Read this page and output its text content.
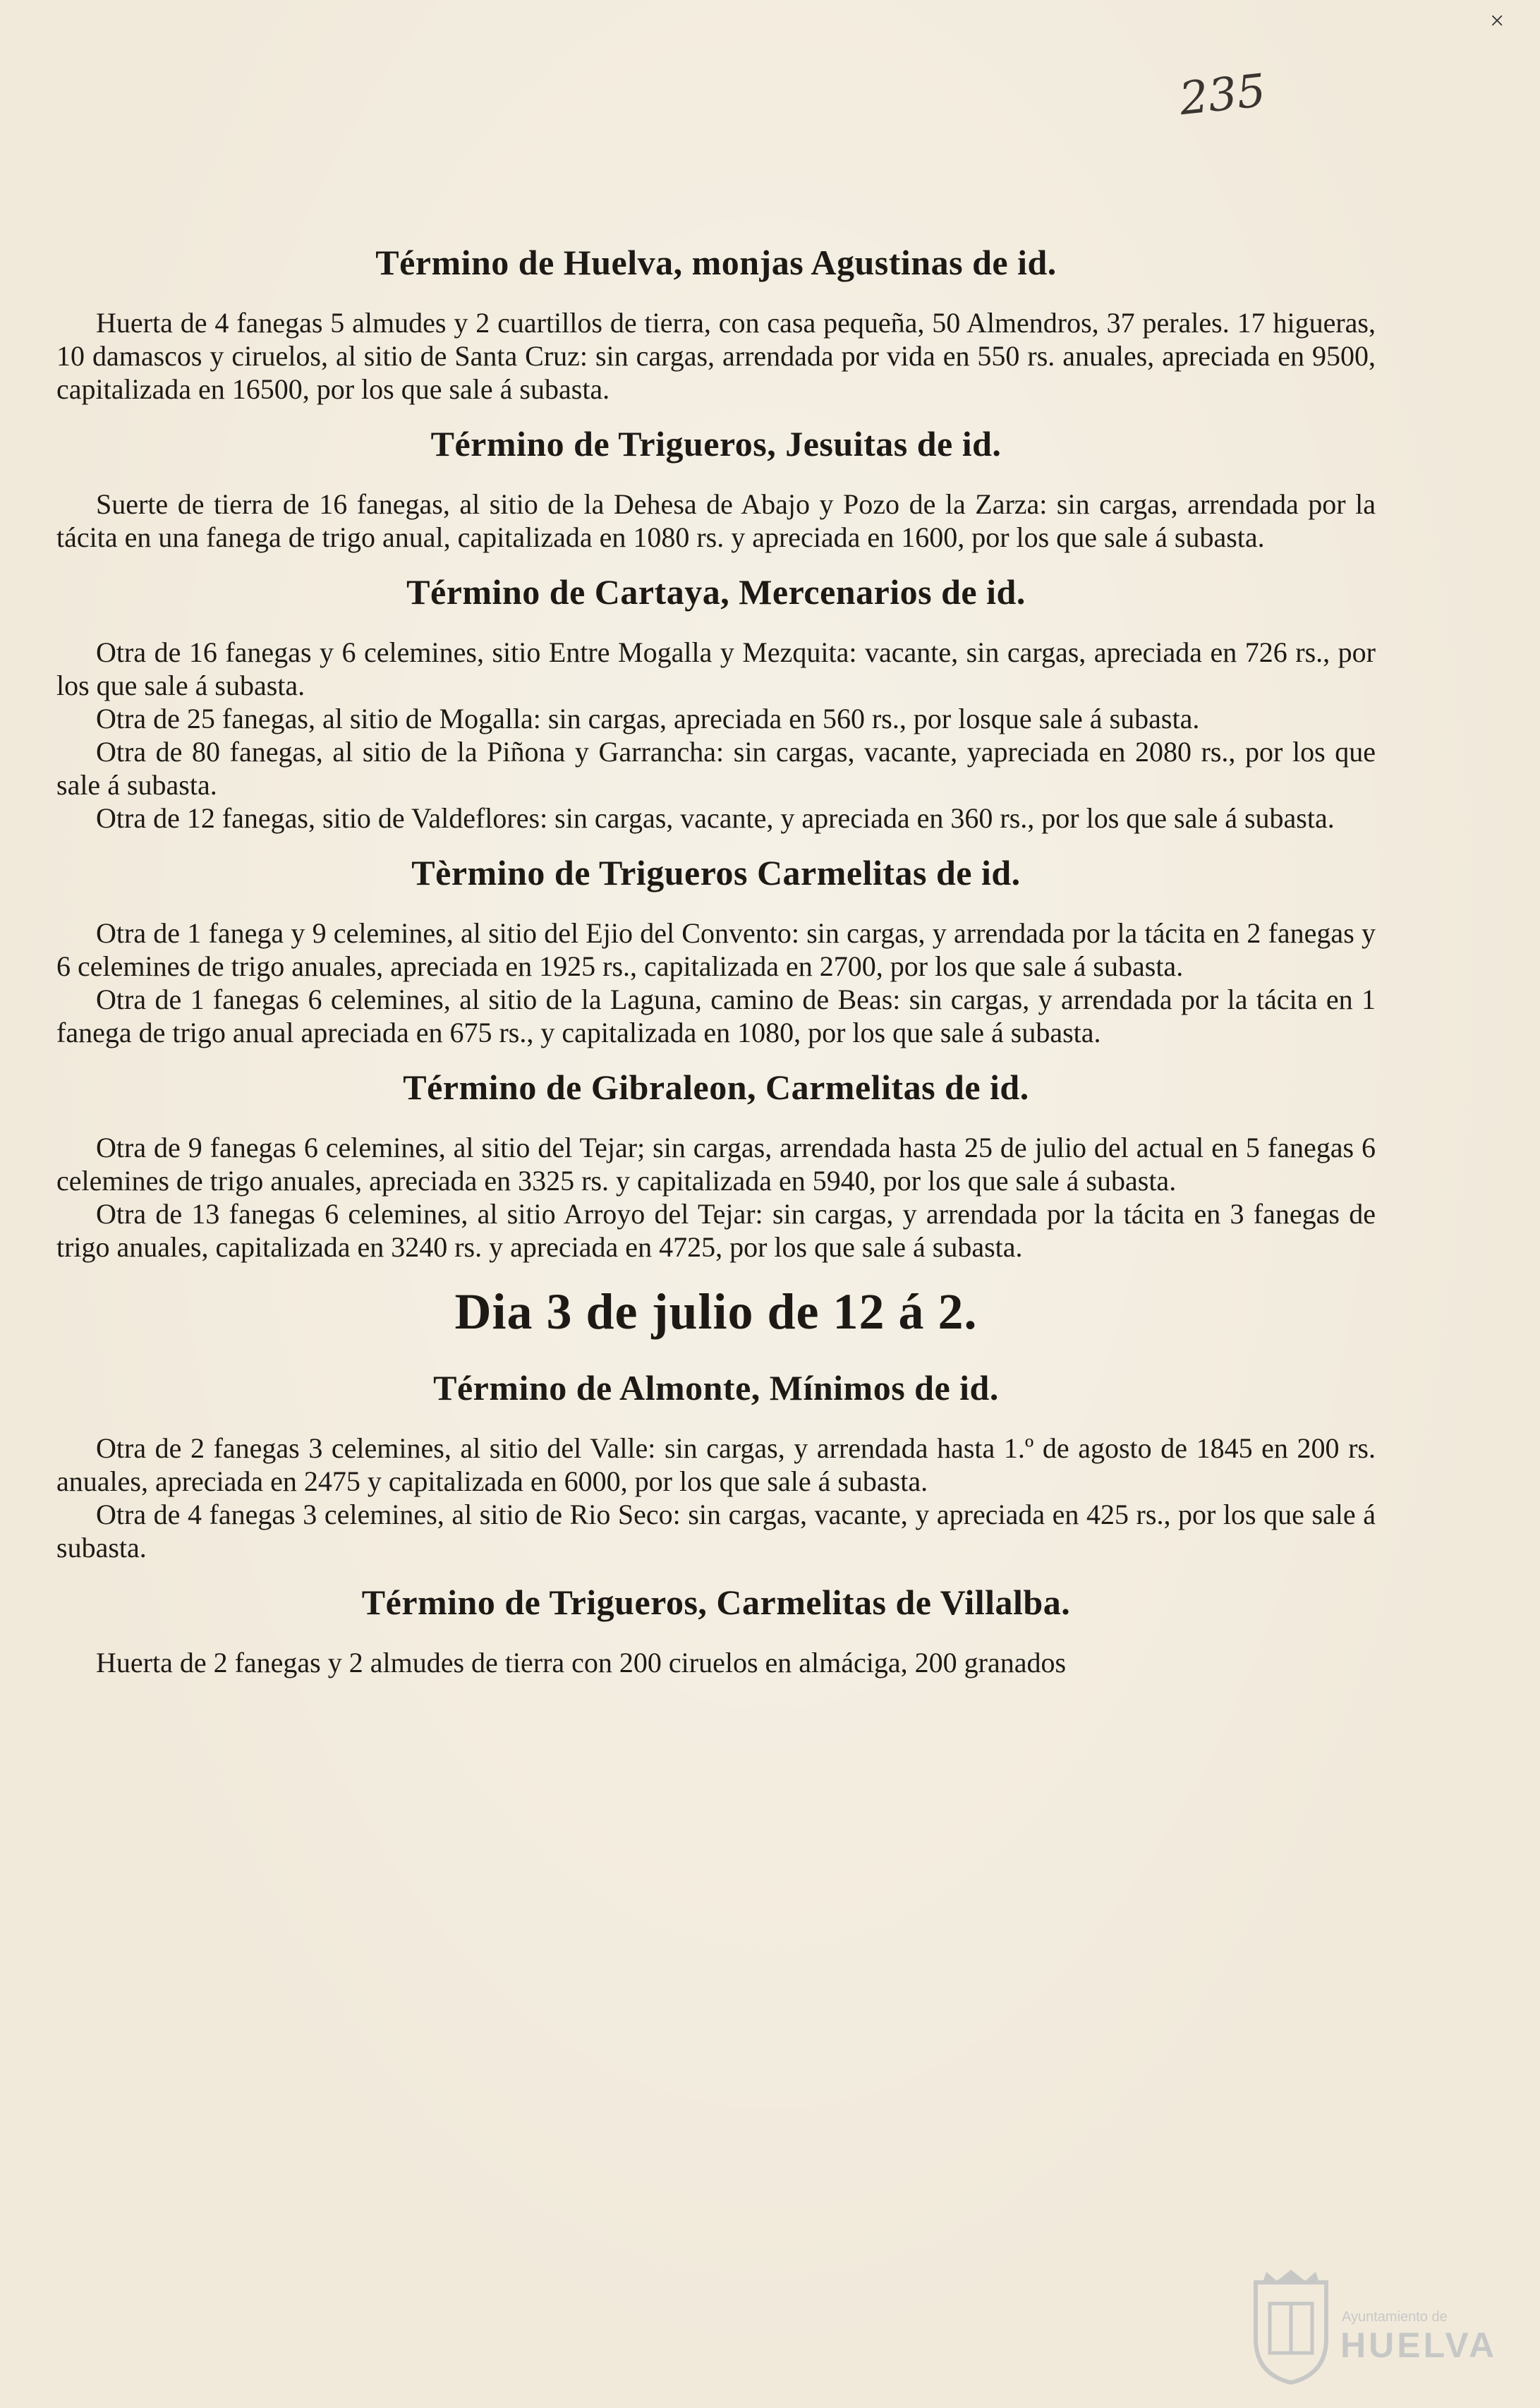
×
235
Término de Huelva, monjas Agustinas de id.

Huerta de 4 fanegas 5 almudes y 2 cuartillos de tierra, con casa pequeña, 50 Almendros, 37 perales. 17 higueras, 10 damascos y ciruelos, al sitio de Santa Cruz: sin cargas, arrendada por vida en 550 rs. anuales, apreciada en 9500, capitalizada en 16500, por los que sale á subasta.

Término de Trigueros, Jesuitas de id.

Suerte de tierra de 16 fanegas, al sitio de la Dehesa de Abajo y Pozo de la Zarza: sin cargas, arrendada por la tácita en una fanega de trigo anual, capitalizada en 1080 rs. y apreciada en 1600, por los que sale á subasta.

Término de Cartaya, Mercenarios de id.

Otra de 16 fanegas y 6 celemines, sitio Entre Mogalla y Mezquita: vacante, sin cargas, apreciada en 726 rs., por los que sale á subasta.

Otra de 25 fanegas, al sitio de Mogalla: sin cargas, apreciada en 560 rs., por losque sale á subasta.

Otra de 80 fanegas, al sitio de la Piñona y Garrancha: sin cargas, vacante, yapreciada en 2080 rs., por los que sale á subasta.

Otra de 12 fanegas, sitio de Valdeflores: sin cargas, vacante, y apreciada en 360 rs., por los que sale á subasta.

Tèrmino de Trigueros Carmelitas de id.

Otra de 1 fanega y 9 celemines, al sitio del Ejio del Convento: sin cargas, y arrendada por la tácita en 2 fanegas y 6 celemines de trigo anuales, apreciada en 1925 rs., capitalizada en 2700, por los que sale á subasta.

Otra de 1 fanegas 6 celemines, al sitio de la Laguna, camino de Beas: sin cargas, y arrendada por la tácita en 1 fanega de trigo anual apreciada en 675 rs., y capitalizada en 1080, por los que sale á subasta.

Término de Gibraleon, Carmelitas de id.

Otra de 9 fanegas 6 celemines, al sitio del Tejar; sin cargas, arrendada hasta 25 de julio del actual en 5 fanegas 6 celemines de trigo anuales, apreciada en 3325 rs. y capitalizada en 5940, por los que sale á subasta.

Otra de 13 fanegas 6 celemines, al sitio Arroyo del Tejar: sin cargas, y arrendada por la tácita en 3 fanegas de trigo anuales, capitalizada en 3240 rs. y apreciada en 4725, por los que sale á subasta.

Dia 3 de julio de 12 á 2.
Término de Almonte, Mínimos de id.

Otra de 2 fanegas 3 celemines, al sitio del Valle: sin cargas, y arrendada hasta 1.º de agosto de 1845 en 200 rs. anuales, apreciada en 2475 y capitalizada en 6000, por los que sale á subasta.

Otra de 4 fanegas 3 celemines, al sitio de Rio Seco: sin cargas, vacante, y apreciada en 425 rs., por los que sale á subasta.

Término de Trigueros, Carmelitas de Villalba.

Huerta de 2 fanegas y 2 almudes de tierra con 200 ciruelos en almáciga, 200 granados

Ayuntamiento de
HUELVA
